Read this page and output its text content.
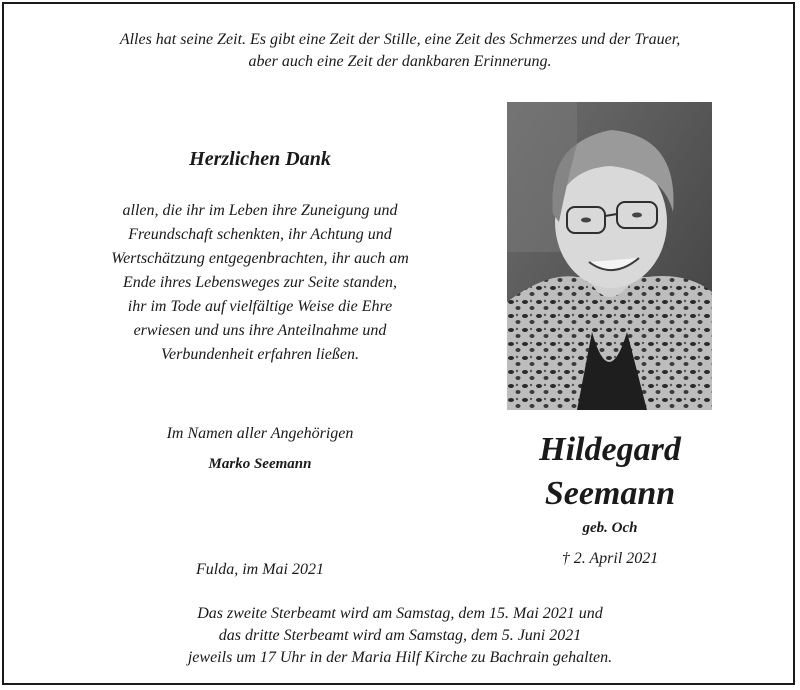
Alles hat seine Zeit. Es gibt eine Zeit der Stille, eine Zeit des Schmerzes und der Trauer,
aber auch eine Zeit der dankbaren Erinnerung.
Herzlichen Dank
allen, die ihr im Leben ihre Zuneigung und
Freundschaft schenkten, ihr Achtung und
Wertschätzung entgegenbrachten, ihr auch am
Ende ihres Lebensweges zur Seite standen,
ihr im Tode auf vielfältige Weise die Ehre
erwiesen und uns ihre Anteilnahme und
Verbundenheit erfahren ließen.
Im Namen aller Angehörigen
Marko Seemann	Hildegard
Seemann
geb. Och
† 2. April 2021
Fulda, im Mai 2021
Das zweite Sterbeamt wird am Samstag, dem 15. Mai 2021 und
das dritte Sterbeamt wird am Samstag, dem 5. Juni 2021
jeweils um 17 Uhr in der Maria Hilf Kirche zu Bachrain gehalten.
